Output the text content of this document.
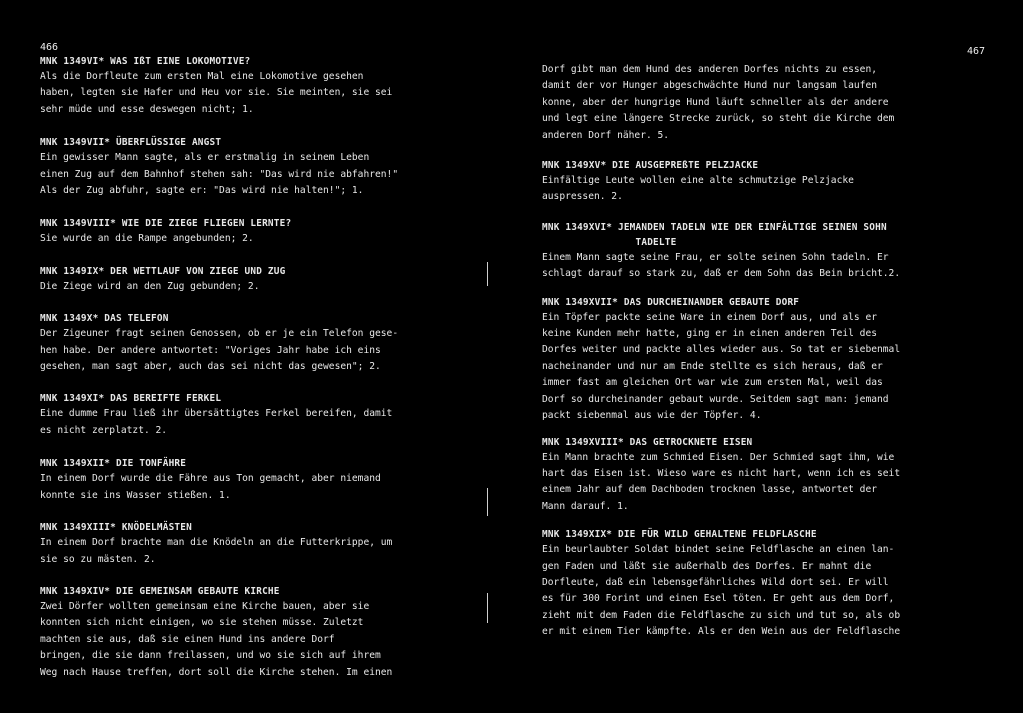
466
MNK 1349VI* WAS IßT EINE LOKOMOTIVE?
Als die Dorfleute zum ersten Mal eine Lokomotive gesehen
haben, legten sie Hafer und Heu vor sie. Sie meinten, sie sei
sehr müde und esse deswegen nicht; 1.
MNK 1349VII* ÜBERFLÜSSIGE ANGST
Ein gewisser Mann sagte, als er erstmalig in seinem Leben
einen Zug auf dem Bahnhof stehen sah: "Das wird nie abfahren!"
Als der Zug abfuhr, sagte er: "Das wird nie halten!"; 1.
MNK 1349VIII* WIE DIE ZIEGE FLIEGEN LERNTE?
Sie wurde an die Rampe angebunden; 2.
MNK 1349IX* DER WETTLAUF VON ZIEGE UND ZUG
Die Ziege wird an den Zug gebunden; 2.
MNK 1349X* DAS TELEFON
Der Zigeuner fragt seinen Genossen, ob er je ein Telefon gese-
hen habe. Der andere antwortet: "Voriges Jahr habe ich eins
gesehen, man sagt aber, auch das sei nicht das gewesen"; 2.
MNK 1349XI* DAS BEREIFTE FERKEL
Eine dumme Frau ließ ihr übersättigtes Ferkel bereifen, damit
es nicht zerplatzt. 2.
MNK 1349XII* DIE TONFÄHRE
In einem Dorf wurde die Fähre aus Ton gemacht, aber niemand
konnte sie ins Wasser stießen. 1.
MNK 1349XIII* KNÖDELMÄSTEN
In einem Dorf brachte man die Knödeln an die Futterkrippe, um
sie so zu mästen. 2.
MNK 1349XIV* DIE GEMEINSAM GEBAUTE KIRCHE
Zwei Dörfer wollten gemeinsam eine Kirche bauen, aber sie
konnten sich nicht einigen, wo sie stehen müsse. Zuletzt
machten sie aus, daß sie einen Hund ins andere Dorf
bringen, die sie dann freilassen, und wo sie sich auf ihrem
Weg nach Hause treffen, dort soll die Kirche stehen. Im einen
467
Dorf gibt man dem Hund des anderen Dorfes nichts zu essen,
damit der vor Hunger abgeschwächte Hund nur langsam laufen
konne, aber der hungrige Hund läuft schneller als der andere
und legt eine längere Strecke zurück, so steht die Kirche dem
anderen Dorf näher. 5.
MNK 1349XV* DIE AUSGEPREßTE PELZJACKE
Einfältige Leute wollen eine alte schmutzige Pelzjacke
auspressen. 2.
MNK 1349XVI* JEMANDEN TADELN WIE DER EINFÄLTIGE SEINEN SOHN
TADELTE
Einem Mann sagte seine Frau, er solte seinen Sohn tadeln. Er
schlagt darauf so stark zu, daß er dem Sohn das Bein bricht.2.
MNK 1349XVII* DAS DURCHEINANDER GEBAUTE DORF
Ein Töpfer packte seine Ware in einem Dorf aus, und als er
keine Kunden mehr hatte, ging er in einen anderen Teil des
Dorfes weiter und packte alles wieder aus. So tat er siebenmal
nacheinander und nur am Ende stellte es sich heraus, daß er
immer fast am gleichen Ort war wie zum ersten Mal, weil das
Dorf so durcheinander gebaut wurde. Seitdem sagt man: jemand
packt siebenmal aus wie der Töpfer. 4.
MNK 1349XVIII* DAS GETROCKNETE EISEN
Ein Mann brachte zum Schmied Eisen. Der Schmied sagt ihm, wie
hart das Eisen ist. Wieso ware es nicht hart, wenn ich es seit
einem Jahr auf dem Dachboden trocknen lasse, antwortet der
Mann darauf. 1.
MNK 1349XIX* DIE FÜR WILD GEHALTENE FELDFLASCHE
Ein beurlaubter Soldat bindet seine Feldflasche an einen lan-
gen Faden und läßt sie außerhalb des Dorfes. Er mahnt die
Dorfleute, daß ein lebensgefährliches Wild dort sei. Er will
es für 300 Forint und einen Esel töten. Er geht aus dem Dorf,
zieht mit dem Faden die Feldflasche zu sich und tut so, als ob
er mit einem Tier kämpfte. Als er den Wein aus der Feldflasche
